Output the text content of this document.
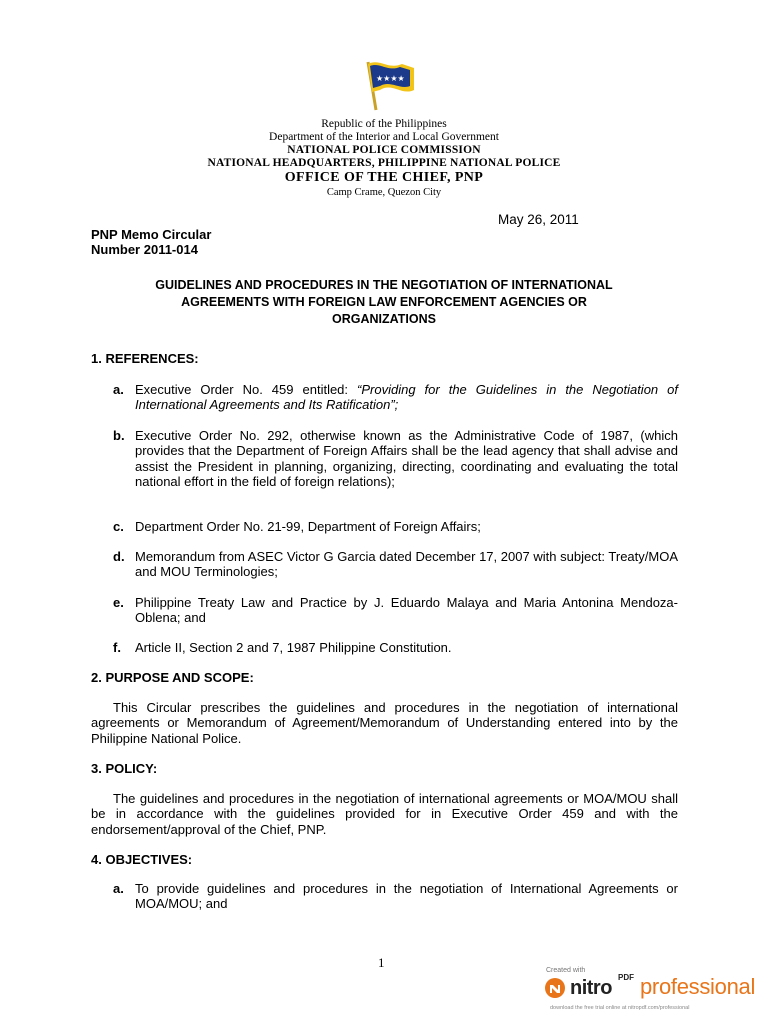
★★★★
Republic of the Philippines
Department of the Interior and Local Government
NATIONAL POLICE COMMISSION
NATIONAL HEADQUARTERS, PHILIPPINE NATIONAL POLICE
OFFICE OF THE CHIEF, PNP
Camp Crame, Quezon City
May 26, 2011
PNP Memo Circular
Number 2011-014
GUIDELINES AND PROCEDURES IN THE NEGOTIATION OF INTERNATIONAL
AGREEMENTS WITH FOREIGN LAW ENFORCEMENT AGENCIES OR
ORGANIZATIONS
1. REFERENCES:
a. Executive Order No. 459 entitled: “Providing for the Guidelines in the Negotiation of International Agreements and Its Ratification”;
b. Executive Order No. 292, otherwise known as the Administrative Code of 1987, (which provides that the Department of Foreign Affairs shall be the lead agency that shall advise and assist the President in planning, organizing, directing, coordinating and evaluating the total national effort in the field of foreign relations);
c. Department Order No. 21-99, Department of Foreign Affairs;
d. Memorandum from ASEC Victor G Garcia dated December 17, 2007 with subject: Treaty/MOA and MOU Terminologies;
e. Philippine Treaty Law and Practice by J. Eduardo Malaya and Maria Antonina Mendoza-Oblena; and
f. Article II, Section 2 and 7, 1987 Philippine Constitution.
2. PURPOSE AND SCOPE:
This Circular prescribes the guidelines and procedures in the negotiation of international agreements or Memorandum of Agreement/Memorandum of Understanding entered into by the Philippine National Police.
3. POLICY:
The guidelines and procedures in the negotiation of international agreements or MOA/MOU shall be in accordance with the guidelines provided for in Executive Order 459 and with the endorsement/approval of the Chief, PNP.
4. OBJECTIVES:
a. To provide guidelines and procedures in the negotiation of International Agreements or MOA/MOU; and
1
Created with
nitro PDF professional
download the free trial online at nitropdf.com/professional
